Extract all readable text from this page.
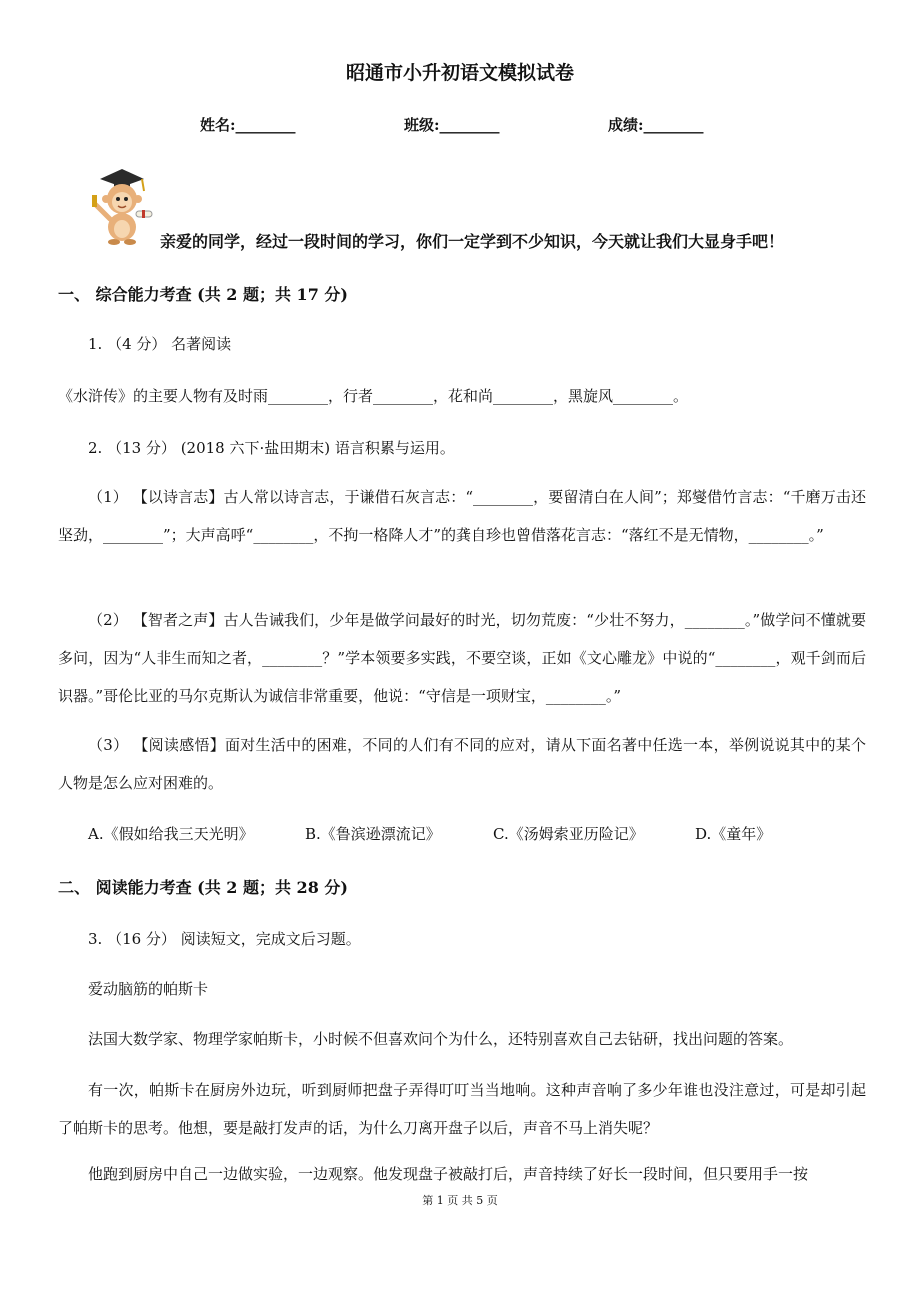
昭通市小升初语文模拟试卷
姓名:________	班级:________	成绩:________
亲爱的同学，经过一段时间的学习，你们一定学到不少知识，今天就让我们大显身手吧！
一、 综合能力考查 (共 2 题；共 17 分)
1. （4 分） 名著阅读
《水浒传》的主要人物有及时雨________，行者________，花和尚________，黑旋风________。
2. （13 分） (2018 六下·盐田期末) 语言积累与运用。
（1） 【以诗言志】古人常以诗言志，于谦借石灰言志：“________，要留清白在人间”；郑燮借竹言志：“千磨万击还坚劲，________”；大声高呼“________，不拘一格降人才”的龚自珍也曾借落花言志：“落红不是无情物，________。”
（2） 【智者之声】古人告诫我们，少年是做学问最好的时光，切勿荒废：“少壮不努力，________。”做学问不懂就要多问，因为“人非生而知之者，________？”学本领要多实践，不要空谈，正如《文心雕龙》中说的“________，观千剑而后识器。”哥伦比亚的马尔克斯认为诚信非常重要，他说：“守信是一项财宝，________。”
（3） 【阅读感悟】面对生活中的困难，不同的人们有不同的应对，请从下面名著中任选一本，举例说说其中的某个人物是怎么应对困难的。
A.《假如给我三天光明》	B.《鲁滨逊漂流记》	C.《汤姆索亚历险记》	D.《童年》
二、 阅读能力考查 (共 2 题；共 28 分)
3. （16 分） 阅读短文，完成文后习题。
爱动脑筋的帕斯卡
法国大数学家、物理学家帕斯卡，小时候不但喜欢问个为什么，还特别喜欢自己去钻研，找出问题的答案。
有一次，帕斯卡在厨房外边玩，听到厨师把盘子弄得叮叮当当地响。这种声音响了多少年谁也没注意过，可是却引起了帕斯卡的思考。他想，要是敲打发声的话，为什么刀离开盘子以后，声音不马上消失呢？
他跑到厨房中自己一边做实验，一边观察。他发现盘子被敲打后，声音持续了好长一段时间，但只要用手一按
第 1 页 共 5 页
